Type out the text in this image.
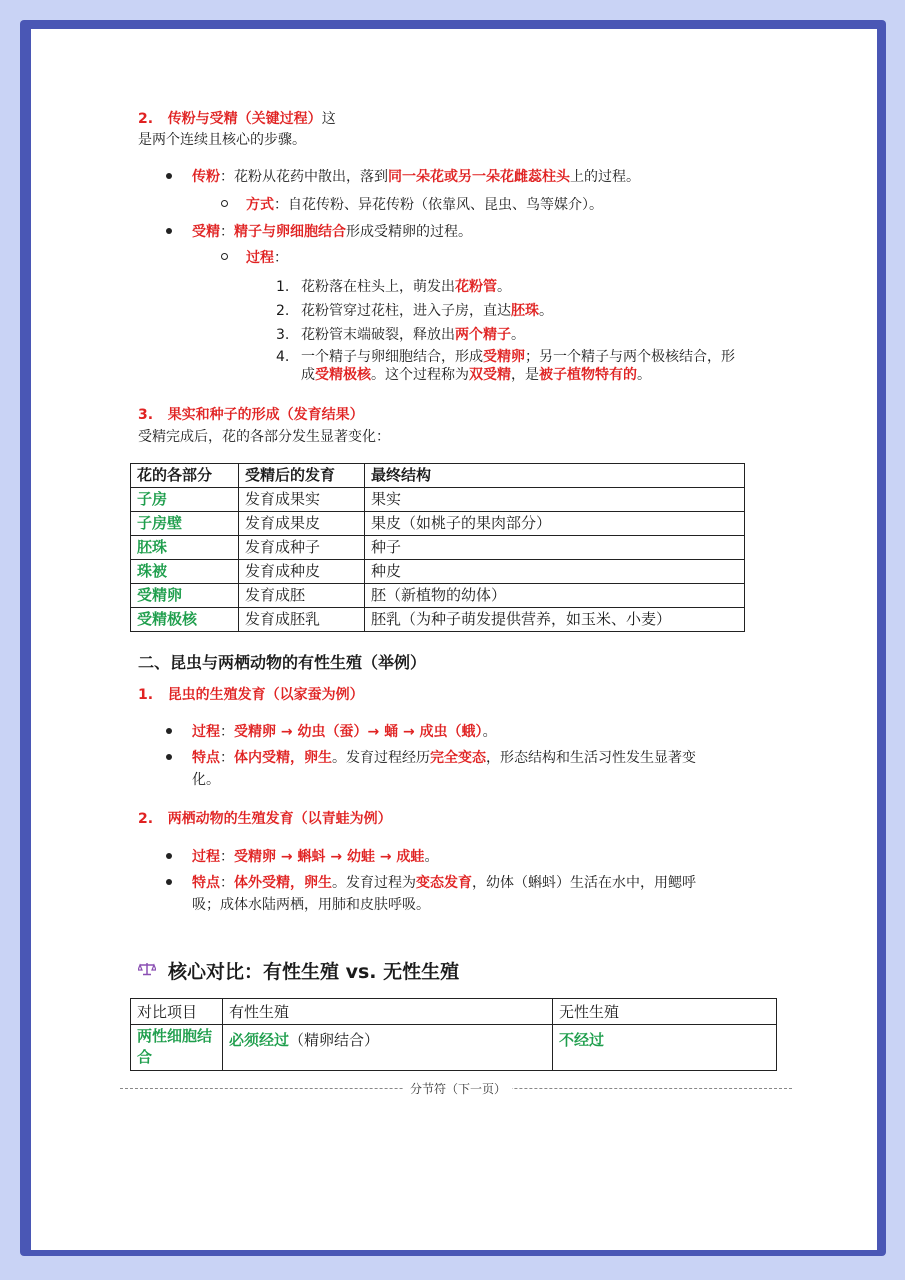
2. 传粉与受精（关键过程）这
是两个连续且核心的步骤。
传粉：花粉从花药中散出，落到同一朵花或另一朵花雌蕊柱头上的过程。
方式：自花传粉、异花传粉（依靠风、昆虫、鸟等媒介）。
受精：精子与卵细胞结合形成受精卵的过程。
过程：
1. 花粉落在柱头上，萌发出花粉管。
2. 花粉管穿过花柱，进入子房，直达胚珠。
3. 花粉管末端破裂，释放出两个精子。
4. 一个精子与卵细胞结合，形成受精卵；另一个精子与两个极核结合，形
成受精极核。这个过程称为双受精，是被子植物特有的。
3. 果实和种子的形成（发育结果）
受精完成后，花的各部分发生显著变化：
花的各部分	受精后的发育	最终结构
子房	发育成果实	果实
子房壁	发育成果皮	果皮（如桃子的果肉部分）
胚珠	发育成种子	种子
珠被	发育成种皮	种皮
受精卵	发育成胚	胚（新植物的幼体）
受精极核	发育成胚乳	胚乳（为种子萌发提供营养，如玉米、小麦）
二、昆虫与两栖动物的有性生殖（举例）
1. 昆虫的生殖发育（以家蚕为例）
过程：受精卵 → 幼虫（蚕）→ 蛹 → 成虫（蛾）。
特点：体内受精，卵生。发育过程经历完全变态，形态结构和生活习性发生显著变
化。
2. 两栖动物的生殖发育（以青蛙为例）
过程：受精卵 → 蝌蚪 → 幼蛙 → 成蛙。
特点：体外受精，卵生。发育过程为变态发育，幼体（蝌蚪）生活在水中，用鳃呼
吸；成体水陆两栖，用肺和皮肤呼吸。
核心对比：有性生殖 vs. 无性生殖
对比项目	有性生殖	无性生殖
两性细胞结合	必须经过（精卵结合）	不经过
分节符（下一页）
